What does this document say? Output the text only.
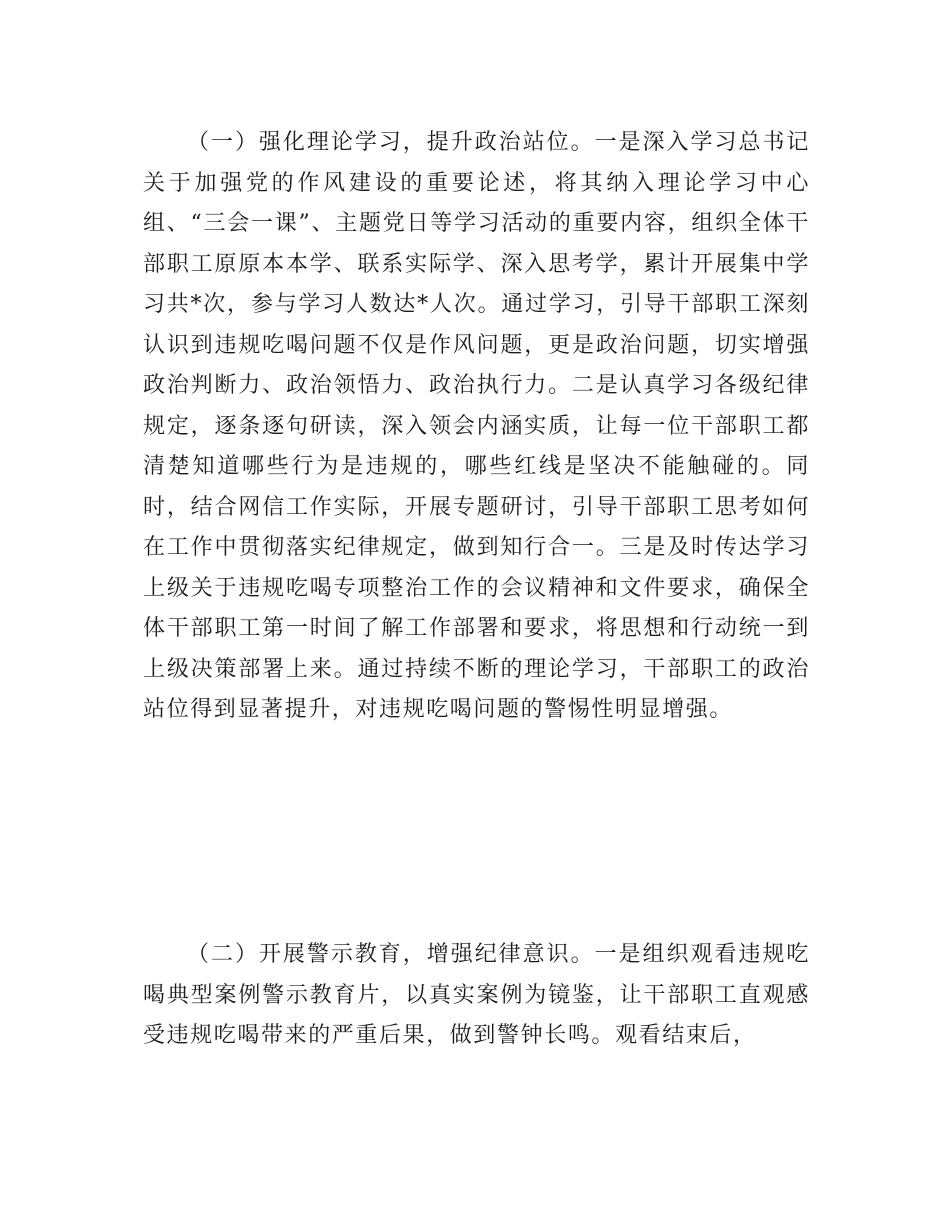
（一）强化理论学习，提升政治站位。一是深入学习总书记关于加强党的作风建设的重要论述，将其纳入理论学习中心组、“三会一课”、主题党日等学习活动的重要内容，组织全体干部职工原原本本学、联系实际学、深入思考学，累计开展集中学习共*次，参与学习人数达*人次。通过学习，引导干部职工深刻认识到违规吃喝问题不仅是作风问题，更是政治问题，切实增强政治判断力、政治领悟力、政治执行力。二是认真学习各级纪律规定，逐条逐句研读，深入领会内涵实质，让每一位干部职工都清楚知道哪些行为是违规的，哪些红线是坚决不能触碰的。同时，结合网信工作实际，开展专题研讨，引导干部职工思考如何在工作中贯彻落实纪律规定，做到知行合一。三是及时传达学习上级关于违规吃喝专项整治工作的会议精神和文件要求，确保全体干部职工第一时间了解工作部署和要求，将思想和行动统一到上级决策部署上来。通过持续不断的理论学习，干部职工的政治站位得到显著提升，对违规吃喝问题的警惕性明显增强。

（二）开展警示教育，增强纪律意识。一是组织观看违规吃喝典型案例警示教育片，以真实案例为镜鉴，让干部职工直观感受违规吃喝带来的严重后果，做到警钟长鸣。观看结束后，
